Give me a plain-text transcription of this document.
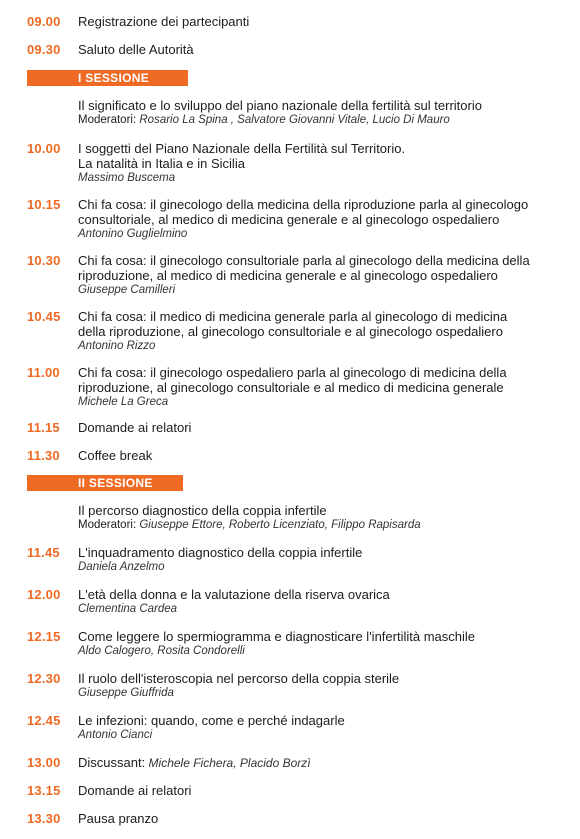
09.00 Registrazione dei partecipanti
09.30 Saluto delle Autorità
I SESSIONE
Il significato e lo sviluppo del piano nazionale della fertilità sul territorio
Moderatori: Rosario La Spina , Salvatore Giovanni Vitale, Lucio Di Mauro
10.00 I soggetti del Piano Nazionale della Fertilità sul Territorio.
La natalità in Italia e in Sicilia
Massimo Buscema
10.15 Chi fa cosa: il ginecologo della medicina della riproduzione parla al ginecologo
consultoriale, al medico di medicina generale e al ginecologo ospedaliero
Antonino Guglielmino
10.30 Chi fa cosa: il ginecologo consultoriale parla al ginecologo della medicina della
riproduzione, al medico di medicina generale e al ginecologo ospedaliero
Giuseppe Camilleri
10.45 Chi fa cosa: il medico di medicina generale parla al ginecologo di medicina
della riproduzione, al ginecologo consultoriale e al ginecologo ospedaliero
Antonino Rizzo
11.00 Chi fa cosa: il ginecologo ospedaliero parla al ginecologo di medicina della
riproduzione, al ginecologo consultoriale e al medico di medicina generale
Michele La Greca
11.15 Domande ai relatori
11.30 Coffee break
II SESSIONE
Il percorso diagnostico della coppia infertile
Moderatori: Giuseppe Ettore, Roberto Licenziato, Filippo Rapisarda
11.45 L'inquadramento diagnostico della coppia infertile
Daniela Anzelmo
12.00 L'età della donna e la valutazione della riserva ovarica
Clementina Cardea
12.15 Come leggere lo spermiogramma e diagnosticare l'infertilità maschile
Aldo Calogero, Rosita Condorelli
12.30 Il ruolo dell'isteroscopia nel percorso della coppia sterile
Giuseppe Giuffrida
12.45 Le infezioni: quando, come e perché indagarle
Antonio Cianci
13.00 Discussant: Michele Fichera, Placido Borzì
13.15 Domande ai relatori
13.30 Pausa pranzo
